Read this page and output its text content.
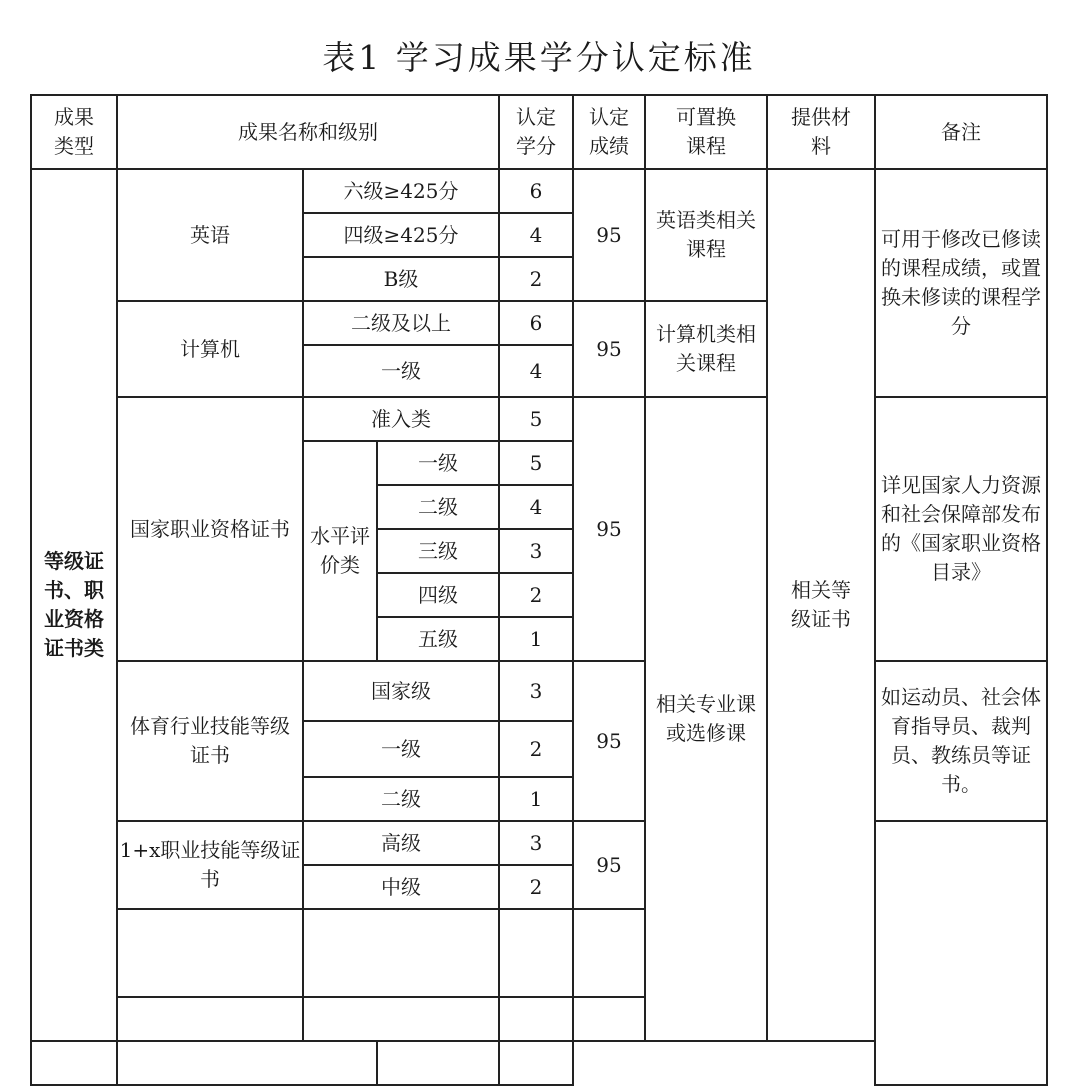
表1 学习成果学分认定标准
成果类型	成果名称和级别			认定学分	认定成绩	可置换课程	提供材料	备注
等级证书、职业资格证书类	英语	六级≥425分		6	95	英语类相关课程	相关等级证书	可用于修改已修读的课程成绩，或置换未修读的课程学分
		四级≥425分		4				
		B级		2				
	计算机	二级及以上		6	95	计算机类相关课程		
		一级		4				
	国家职业资格证书	准入类		5	95	相关专业课或选修课		详见国家人力资源和社会保障部发布的《国家职业资格目录》
		水平评价类	一级	5				
			二级	4				
			三级	3				
			四级	2				
			五级	1				
	体育行业技能等级证书	国家级		3	95			如运动员、社会体育指导员、裁判员、教练员等证书。
		一级		2				
		二级		1				
	1+x职业技能等级证书	高级		3	95			
		中级		2				
